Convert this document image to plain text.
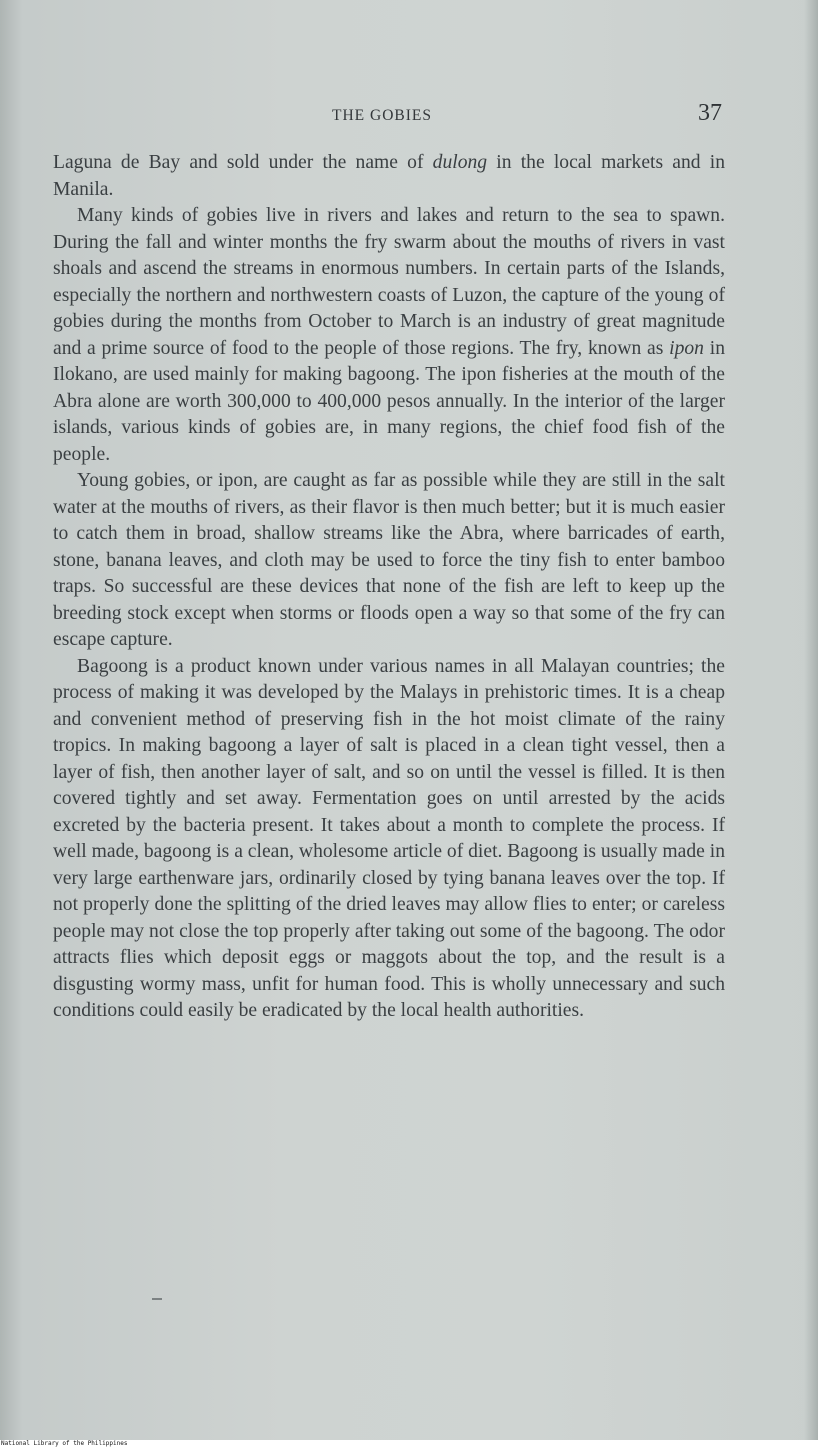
THE GOBIES	37

Laguna de Bay and sold under the name of dulong in the local markets and in Manila.

Many kinds of gobies live in rivers and lakes and return to the sea to spawn. During the fall and winter months the fry swarm about the mouths of rivers in vast shoals and ascend the streams in enormous numbers. In certain parts of the Islands, especially the northern and northwestern coasts of Luzon, the capture of the young of gobies during the months from October to March is an industry of great magnitude and a prime source of food to the people of those regions. The fry, known as ipon in Ilokano, are used mainly for making bagoong. The ipon fisheries at the mouth of the Abra alone are worth 300,000 to 400,000 pesos annually. In the interior of the larger islands, various kinds of gobies are, in many regions, the chief food fish of the people.

Young gobies, or ipon, are caught as far as possible while they are still in the salt water at the mouths of rivers, as their flavor is then much better; but it is much easier to catch them in broad, shallow streams like the Abra, where barricades of earth, stone, banana leaves, and cloth may be used to force the tiny fish to enter bamboo traps. So successful are these devices that none of the fish are left to keep up the breeding stock except when storms or floods open a way so that some of the fry can escape capture.

Bagoong is a product known under various names in all Malayan countries; the process of making it was developed by the Malays in prehistoric times. It is a cheap and convenient method of preserving fish in the hot moist climate of the rainy tropics. In making bagoong a layer of salt is placed in a clean tight vessel, then a layer of fish, then another layer of salt, and so on until the vessel is filled. It is then covered tightly and set away. Fermentation goes on until arrested by the acids excreted by the bacteria present. It takes about a month to complete the process. If well made, bagoong is a clean, wholesome article of diet. Bagoong is usually made in very large earthenware jars, ordinarily closed by tying banana leaves over the top. If not properly done the splitting of the dried leaves may allow flies to enter; or careless people may not close the top properly after taking out some of the bagoong. The odor attracts flies which deposit eggs or maggots about the top, and the result is a disgusting wormy mass, unfit for human food. This is wholly unnecessary and such conditions could easily be eradicated by the local health authorities.

National Library of the Philippines
